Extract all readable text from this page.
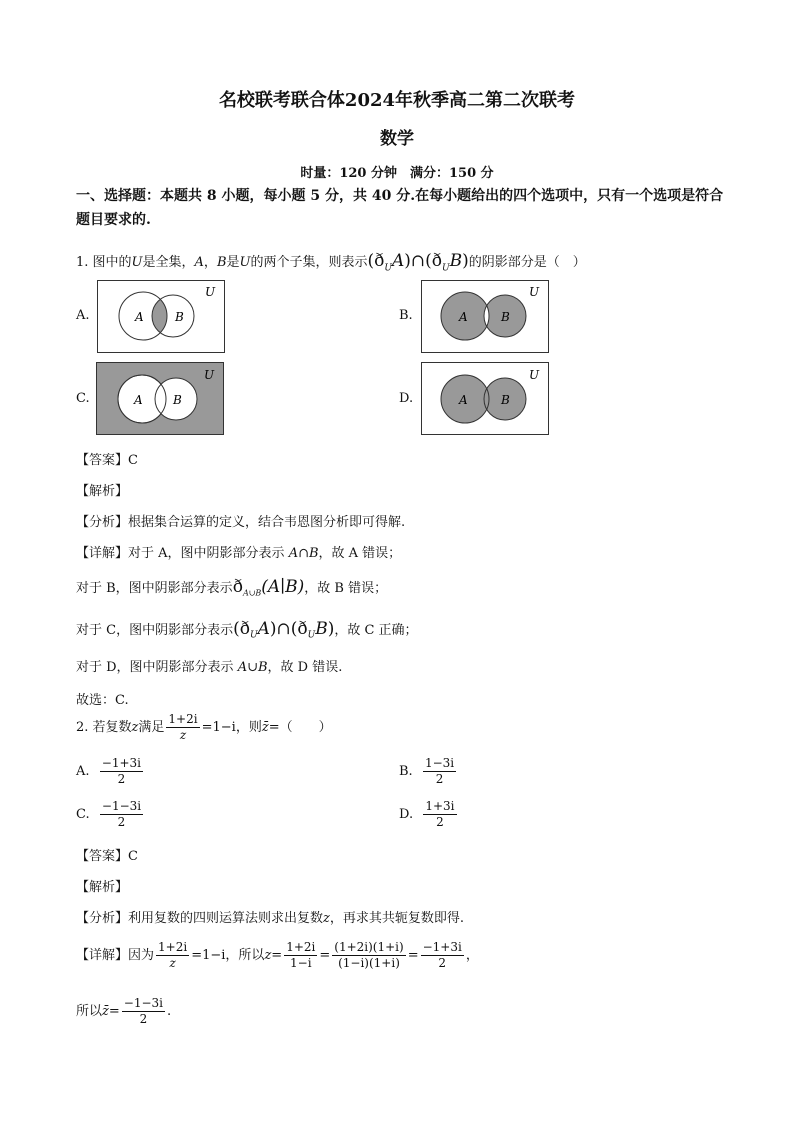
名校联考联合体2024年秋季高二第二次联考
数学
时量：120 分钟　满分：150 分
一、选择题：本题共 8 小题，每小题 5 分，共 40 分.在每小题给出的四个选项中，只有一个选项是符合题目要求的.
1. 图中的U是全集，A，B是U的两个子集，则表示$(ð_UA)\cap(ð_UB)$的阴影部分是（　）
A.	B.
C.	D.
A	B
U
A	B
U
A	B
U
A	B
U
【答案】C
【解析】
【分析】根据集合运算的定义，结合韦恩图分析即可得解.
【详解】对于 A，图中阴影部分表示 A∩B，故 A 错误；
对于 B，图中阴影部分表示$ð_{A\cup B}(A∣B)$，故 B 错误；
对于 C，图中阴影部分表示$(ð_UA)\cap(ð_UB)$，故 C 正确；
对于 D，图中阴影部分表示 A∪B，故 D 错误.
故选：C.
2. 若复数z满足 $\frac{1+2i}{z} =1-i$，则z̄=（　　）
A. $\frac{-1+3i}{2}$	B. $\frac{1-3i}{2}$
C. $\frac{-1-3i}{2}$	D. $\frac{1+3i}{2}$
【答案】C
【解析】
【分析】利用复数的四则运算法则求出复数z，再求其共轭复数即得.
【详解】因为 $\frac{1+2i}{z} =1-i$，所以$z= \frac{1+2i}{1-i} = \frac{(1+2i)(1+i)}{(1-i)(1+i)} = \frac{-1+3i}{2}$ ，
所以z̄= $\frac{-1-3i}{2}$ .
